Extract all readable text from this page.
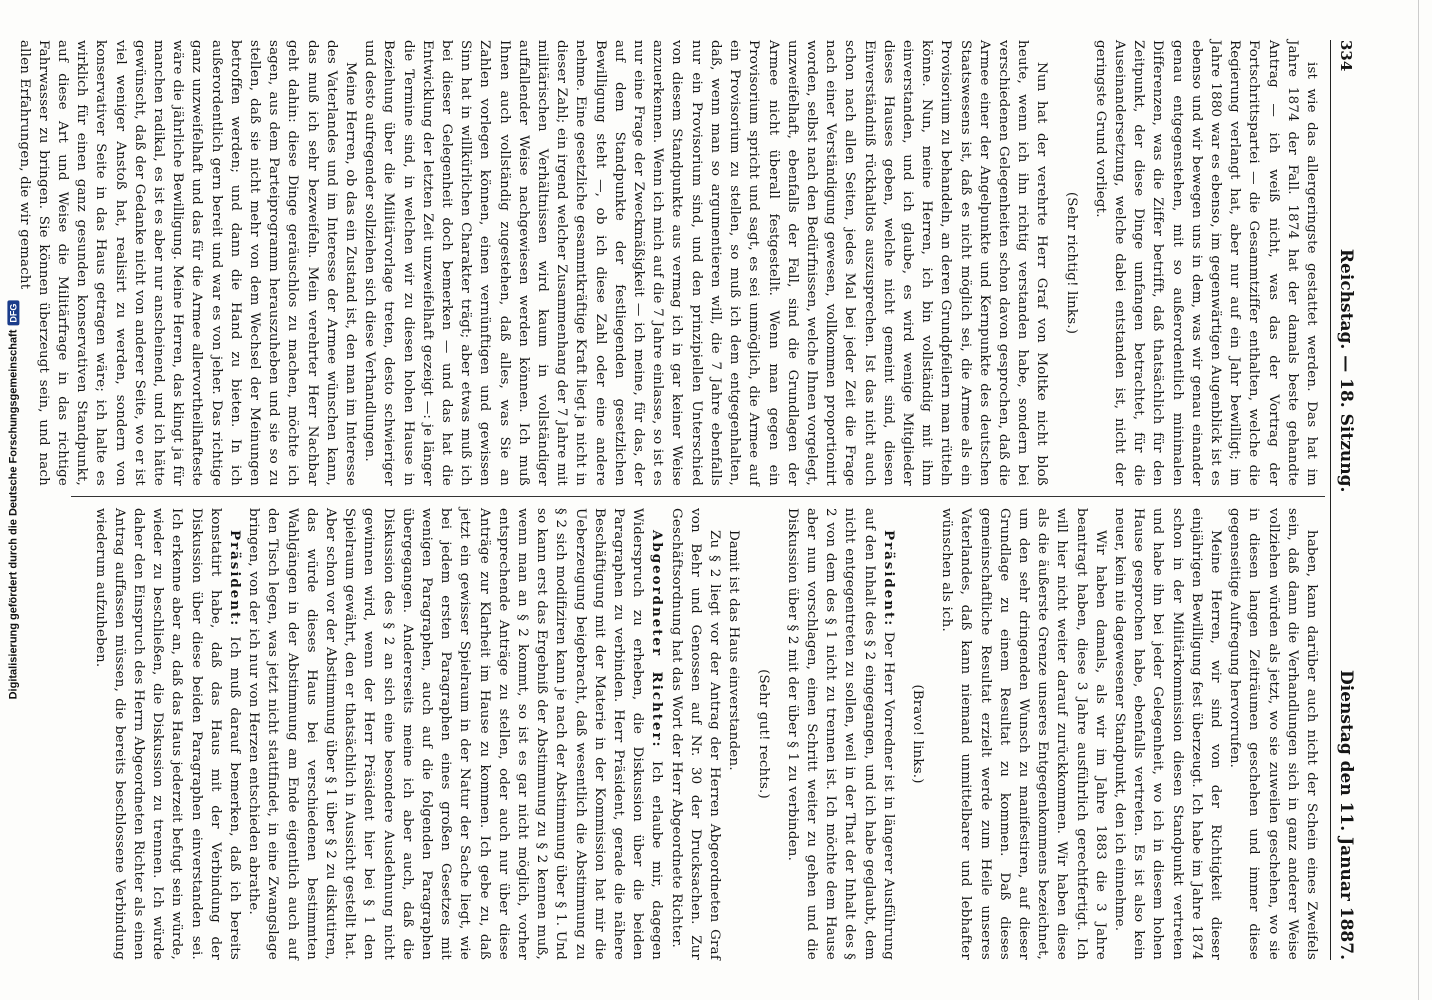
334
Reichstag. — 18. Sitzung.
Dienstag den 11. Januar 1887.

ist wie das allergeringste gestattet werden. Das hat im Jahre 1874 der Fall. 1874 hat der damals beste gehandte Antrag — ich weiß nicht, was das der Vortrag der Fortschrittspartei — die Gesammtziffer enthalten, welche die Regierung verlangt hat, aber nur auf ein Jahr bewilligt; im Jahre 1880 war es ebenso, im gegenwärtigen Augenblick ist es ebenso und wir bewegen uns in dem, was wir genau einander genau entgegenstehen, mit so außerordentlich minimalen Differenzen, was die Ziffer betrifft, daß thatsächlich für den Zeitpunkt, der diese Dinge umfangen betrachtet, für die Auseinandersetzung, welche dabei entstanden ist, nicht der geringste Grund vorliegt.

(Sehr richtig! links.)

Nun hat der verehrte Herr Graf von Moltke nicht bloß heute, wenn ich ihn richtig verstanden habe, sondern bei verschiedenen Gelegenheiten schon davon gesprochen, daß die Armee einer der Angelpunkte und Kernpunkte des deutschen Staatswesens ist, daß es nicht möglich sei, die Armee als ein Provisorium zu behandeln, an deren Grundpfeilern man rütteln könne. Nun, meine Herren, ich bin vollständig mit ihm einverstanden, und ich glaube, es wird wenige Mitglieder dieses Hauses geben, welche nicht gemeint sind, diesen Einverständniß rückhaltlos auszusprechen. Ist das nicht auch schon nach allen Seiten, jedes Mal bei jeder Zeit die Frage nach einer Verständigung gewesen, vollkommen proportionirt worden, selbst nach den Bedürfnissen, welche Ihnen vorgelegt, unzweifelhaft, ebenfalls der Fall, sind die Grundlagen der Armee nicht überall festgestellt. Wenn man gegen ein Provisorium spricht und sagt, es sei unmöglich, die Armee auf ein Provisorium zu stellen, so muß ich dem entgegenhalten, daß, wenn man so argumentieren will, die 7 Jahre ebenfalls nur ein Provisorium sind, und den prinzipiellen Unterschied von diesem Standpunkte aus vermag ich in gar keiner Weise anzuerkennen. Wenn ich mich auf die 7 Jahre einlasse, so ist es nur eine Frage der Zweckmäßigkeit — ich meine, für das, der auf dem Standpunkte der festliegenden gesetzlichen Bewilligung steht —, ob ich diese Zahl oder eine andere nehme. Eine gesetzliche gesammtkräftige Kraft liegt ja nicht in dieser Zahl; ein irgend welcher Zusammenhang der 7 Jahre mit militärischen Verhältnissen wird kaum in vollständiger auffallender Weise nachgewiesen werden können. Ich muß Ihnen auch vollständig zugestehen, daß alles, was Sie an Zahlen vorlegen können, einen vernünftigen und gewissen Sinn hat in willkürlichen Charakter trägt; aber etwas muß ich bei dieser Gelegenheit doch bemerken — und das hat die Entwicklung der letzten Zeit unzweifelhaft gezeigt —: je länger die Termine sind, in welchen wir zu diesen hohen Hause in Beziehung über die Militärvorlage treten, desto schwieriger und desto aufregender sollziehen sich diese Verhandlungen.

Meine Herren, ob das ein Zustand ist, den man im Interesse des Vaterlandes und im Interesse der Armee wünschen kann, das muß ich sehr bezweifeln. Mein verehrter Herr Nachbar geht dahin: diese Dinge geräuschlos zu machen, möchte ich sagen, aus dem Parteiprogramm herauszuheben und sie so zu stellen, daß sie nicht mehr von dem Wechsel der Meinungen betroffen werden; und dann die Hand zu bieten. In ich außerordentlich gern bereit und war es von jeher. Das richtige ganz unzweifelhaft und das für die Armee allervortheilhafteste wäre die jährliche Bewilligung. Meine Herren, das klingt ja für manchen radikal, es ist es aber nur anscheinend, und ich hätte gewünscht, daß der Gedanke nicht von anderer Seite, wo er ist viel weniger Anstoß hat, realisirt zu werden, sondern von konservativer Seite in das Haus getragen wäre; ich halte es wirklich für einen ganz gesunden konservativen Standpunkt, auf diese Art und Weise die Militärfrage in das richtige Fahrwasser zu bringen. Sie können überzeugt sein, und nach allen Erfahrungen, die wir gemacht

haben, kann darüber auch nicht der Schein eines Zweifels sein, daß dann die Verhandlungen sich in ganz anderer Weise vollziehen würden als jetzt, wo sie zuweilen geschehen, wo sie in diesen langen Zeiträumen geschehen und immer diese gegenseitige Aufregung hervorrufen.

Meine Herren, wir sind von der Richtigkeit dieser einjährigen Bewilligung fest überzeugt. Ich habe im Jahre 1874 schon in der Militärkommission diesen Standpunkt vertreten und habe ihn bei jeder Gelegenheit, wo ich in diesem hohen Hause gesprochen habe, ebenfalls vertreten. Es ist also kein neuer, kein nie dagewesener Standpunkt, den ich einnehme.

Wir haben damals, als wir im Jahre 1883 die 3 Jahre beantragt haben, diese 3 Jahre ausführlich gerechtfertigt. Ich will hier nicht weiter darauf zurückkommen. Wir haben diese als die äußerste Grenze unseres Entgegenkommens bezeichnet, um den sehr dringenden Wunsch zu manifestiren, auf dieser Grundlage zu einem Resultat zu kommen. Daß dieses gemeinschaftliche Resultat erzielt werde zum Heile unseres Vaterlandes, daß kann niemand unmittelbarer und lebhafter wünschen als ich.

(Bravo! links.)

Präsident: Der Herr Vorredner ist in längerer Ausführung auf den Inhalt des § 2 eingegangen, und ich habe geglaubt, dem nicht entgegentreten zu sollen, weil in der That der Inhalt des § 2 von dem des § 1 nicht zu trennen ist. Ich möchte dem Hause aber nun vorschlagen, einen Schritt weiter zu gehen und die Diskussion über § 2 mit der über § 1 zu verbinden.

(Sehr gut! rechts.)

Damit ist das Haus einverstanden.

Zu § 2 liegt vor der Antrag der Herren Abgeordneten Graf von Behr und Genossen auf Nr. 30 der Drucksachen. Zur Geschäftsordnung hat das Wort der Herr Abgeordnete Richter.

Abgeordneter Richter: Ich erlaube mir, dagegen Widerspruch zu erheben, die Diskussion über die beiden Paragraphen zu verbinden. Herr Präsident, gerade die nähere Beschäftigung mit der Materie in der Kommission hat mir die Ueberzeugung beigebracht, daß wesentlich die Abstimmung zu § 2 sich modifiziren kann je nach der Abstimmung über § 1. Und so kann erst das Ergebniß der Abstimmung zu § 2 kennen muß, wenn man an § 2 kommt, so ist es gar nicht möglich, vorher entsprechende Anträge zu stellen, oder auch nur über diese Anträge zur Klarheit im Hause zu kommen. Ich gebe zu, daß jetzt ein gewisser Spielraum in der Natur der Sache liegt, wie bei jedem ersten Paragraphen eines großen Gesetzes mit wenigen Paragraphen, auch auf die folgenden Paragraphen übergegangen. Andererseits meine ich aber auch, daß die Diskussion des § 2 an sich eine besondere Ausdehnung nicht gewinnen wird, wenn der Herr Präsident hier bei § 1 den Spielraum gewährt, den er thatsächlich in Aussicht gestellt hat. Aber schon vor der Abstimmung über § 1 über § 2 zu diskutiren, das würde dieses Haus bei verschiedenen bestimmten Wahlgängen in der Abstimmung am Ende eigentlich auch auf den Tisch legen, was jetzt nicht stattfindet, in eine Zwangslage bringen, von der ich nur von Herzen entschieden abrathe.

Präsident: Ich muß darauf bemerken, daß ich bereits konstatirt habe, daß das Haus mit der Verbindung der Diskussion über diese beiden Paragraphen einverstanden sei. Ich erkenne aber an, daß das Haus jederzeit befugt sein würde, wieder zu beschließen, die Diskussion zu trennen. Ich würde daher den Einspruch des Herrn Abgeordneten Richter als einen Antrag auffassen müssen, die bereits beschlossene Verbindung wiederum aufzuheben.

Digitalisierung gefördert durch die Deutsche Forschungsgemeinschaft
DFG
